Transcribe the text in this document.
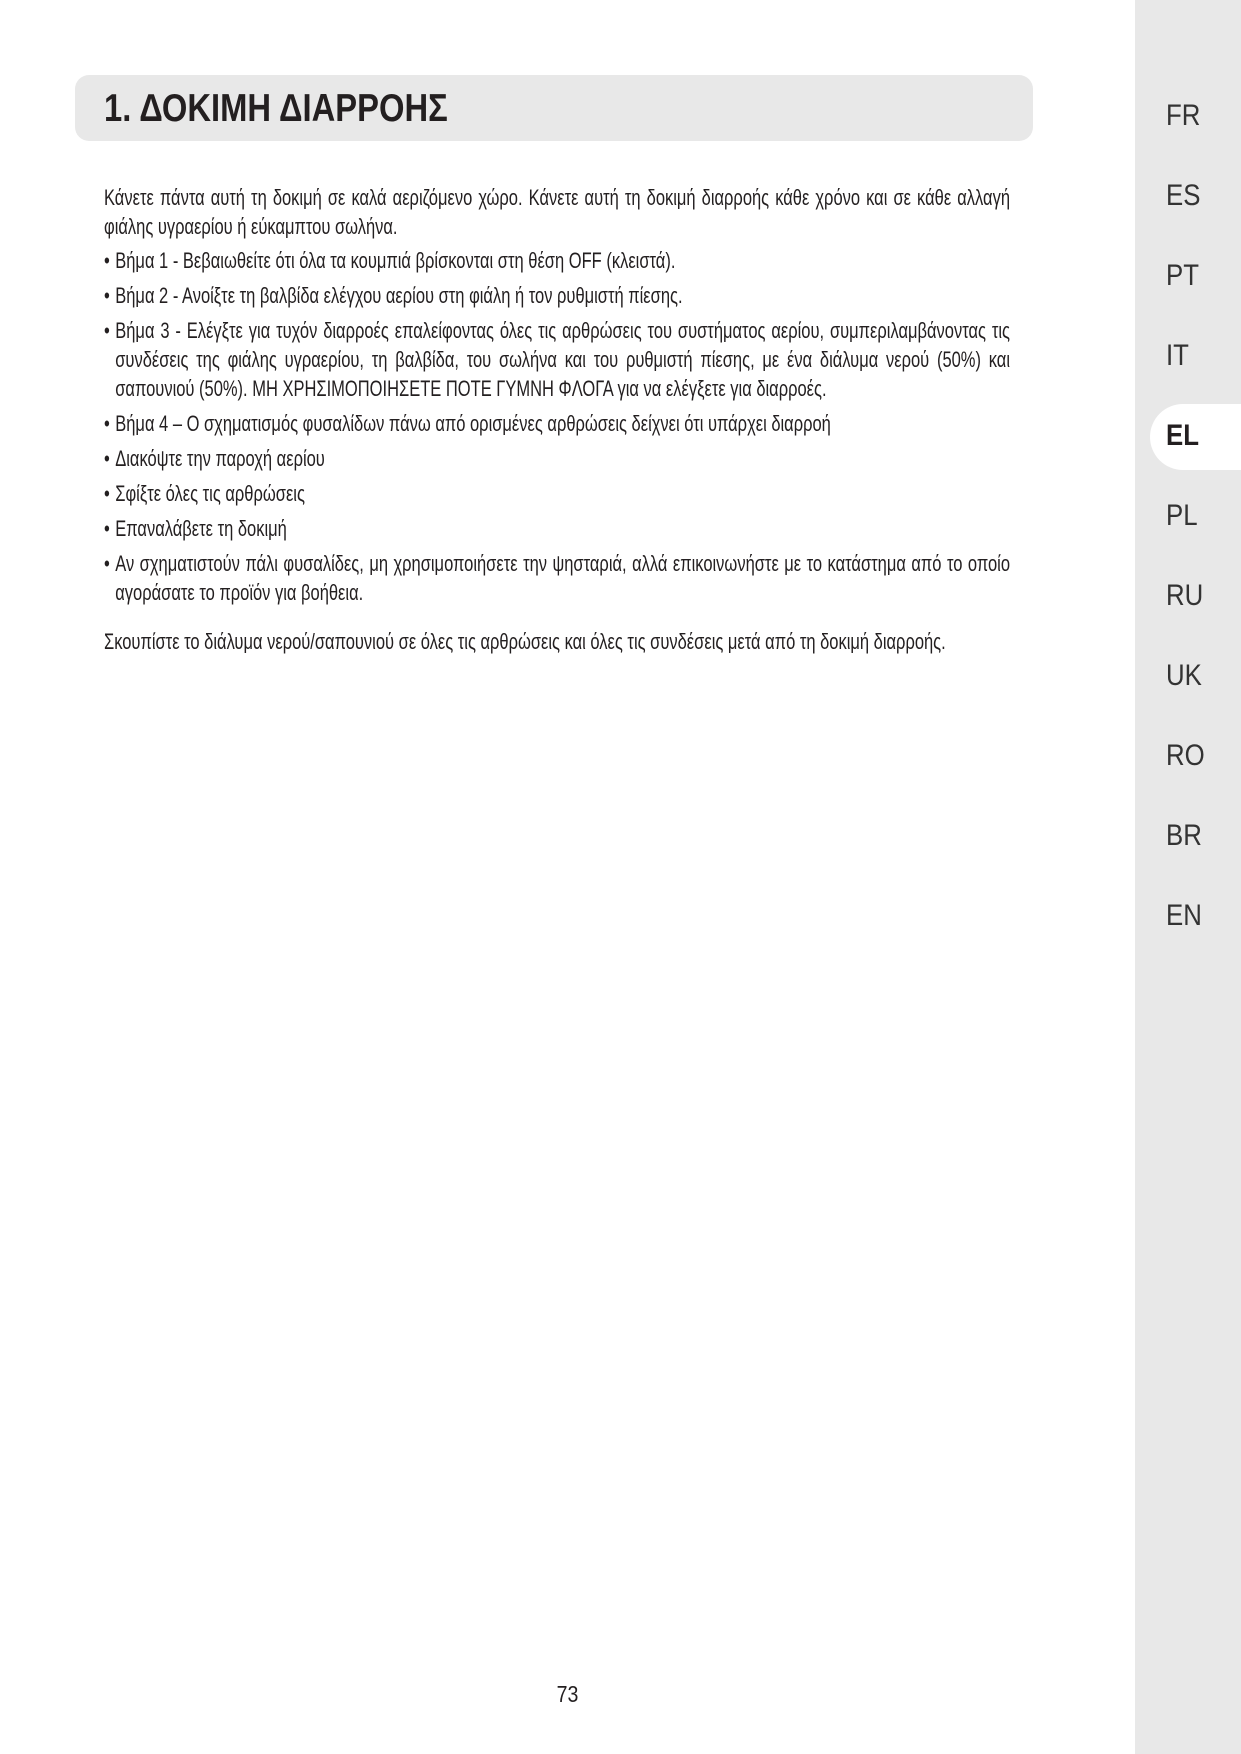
FR
ES
PT
IT
EL
PL
RU
UK
RO
BR
EN
1. ΔΟΚΙΜΗ ΔΙΑΡΡΟΗΣ

Κάνετε πάντα αυτή τη δοκιμή σε καλά αεριζόμενο χώρο. Κάνετε αυτή τη δοκιμή διαρροής κάθε χρόνο και σε κάθε αλλαγή φιάλης υγραερίου ή εύκαμπτου σωλήνα.

• Βήμα 1 - Βεβαιωθείτε ότι όλα τα κουμπιά βρίσκονται στη θέση OFF (κλειστά).
• Βήμα 2 - Ανοίξτε τη βαλβίδα ελέγχου αερίου στη φιάλη ή τον ρυθμιστή πίεσης.
• Βήμα 3 - Ελέγξτε για τυχόν διαρροές επαλείφοντας όλες τις αρθρώσεις του συστήματος αερίου, συμπεριλαμβάνοντας τις συνδέσεις της φιάλης υγραερίου, τη βαλβίδα, του σωλήνα και του ρυθμιστή πίεσης, με ένα διάλυμα νερού (50%) και σαπουνιού (50%). ΜΗ ΧΡΗΣΙΜΟΠΟΙΗΣΕΤΕ ΠΟΤΕ ΓΥΜΝΗ ΦΛΟΓΑ για να ελέγξετε για διαρροές.
• Βήμα 4 – Ο σχηματισμός φυσαλίδων πάνω από ορισμένες αρθρώσεις δείχνει ότι υπάρχει διαρροή
• Διακόψτε την παροχή αερίου
• Σφίξτε όλες τις αρθρώσεις
• Επαναλάβετε τη δοκιμή
• Αν σχηματιστούν πάλι φυσαλίδες, μη χρησιμοποιήσετε την ψησταριά, αλλά επικοινωνήστε με το κατάστημα από το οποίο αγοράσατε το προϊόν για βοήθεια.

Σκουπίστε το διάλυμα νερού/σαπουνιού σε όλες τις αρθρώσεις και όλες τις συνδέσεις μετά από τη δοκιμή διαρροής.

73
